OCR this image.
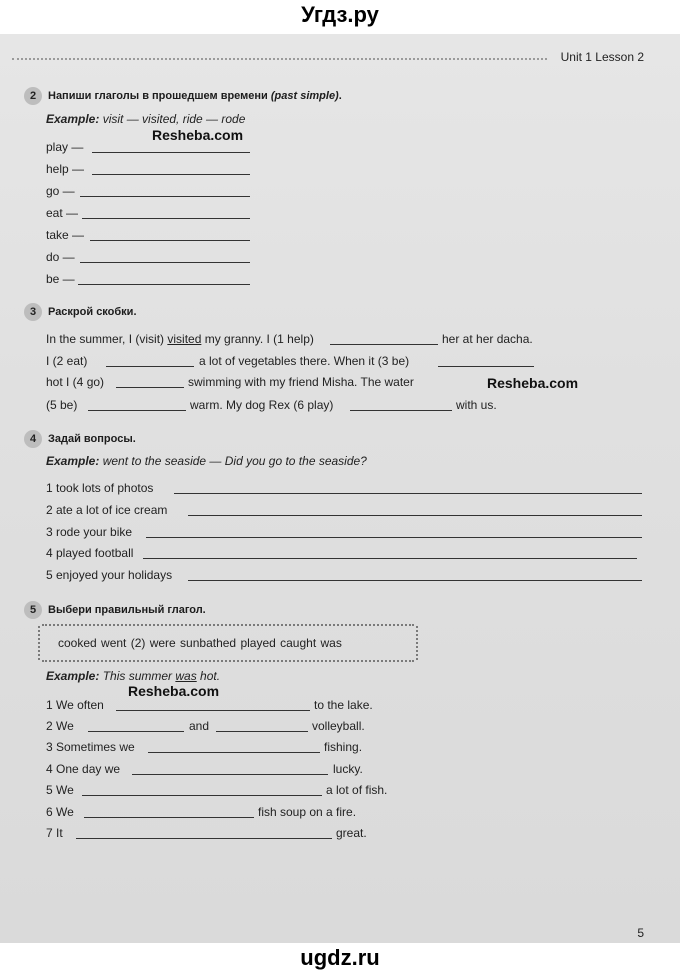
Угдз.ру
Unit 1 Lesson 2
2	Напиши глаголы в прошедшем времени (past simple).
Example: visit — visited, ride — rode
Resheba.com
play —
help —
go —
eat —
take —
do —
be —
3	Раскрой скобки.
In the summer, I (visit) visited my granny. I (1 help)	her at her dacha.
I (2 eat)	a lot of vegetables there. When it (3 be)
hot I (4 go)	swimming with my friend Misha. The water	Resheba.com
(5 be)	warm. My dog Rex (6 play)	with us.
4	Задай вопросы.
Example: went to the seaside — Did you go to the seaside?
1 took lots of photos
2 ate a lot of ice cream
3 rode your bike
4 played football
5 enjoyed your holidays
5	Выбери правильный глагол.
cooked went (2) were sunbathed played caught was
Example: This summer was hot.
Resheba.com
1 We often	to the lake.
2 We	and	volleyball.
3 Sometimes we	fishing.
4 One day we	lucky.
5 We	a lot of fish.
6 We	fish soup on a fire.
7 It	great.
5
ugdz.ru
